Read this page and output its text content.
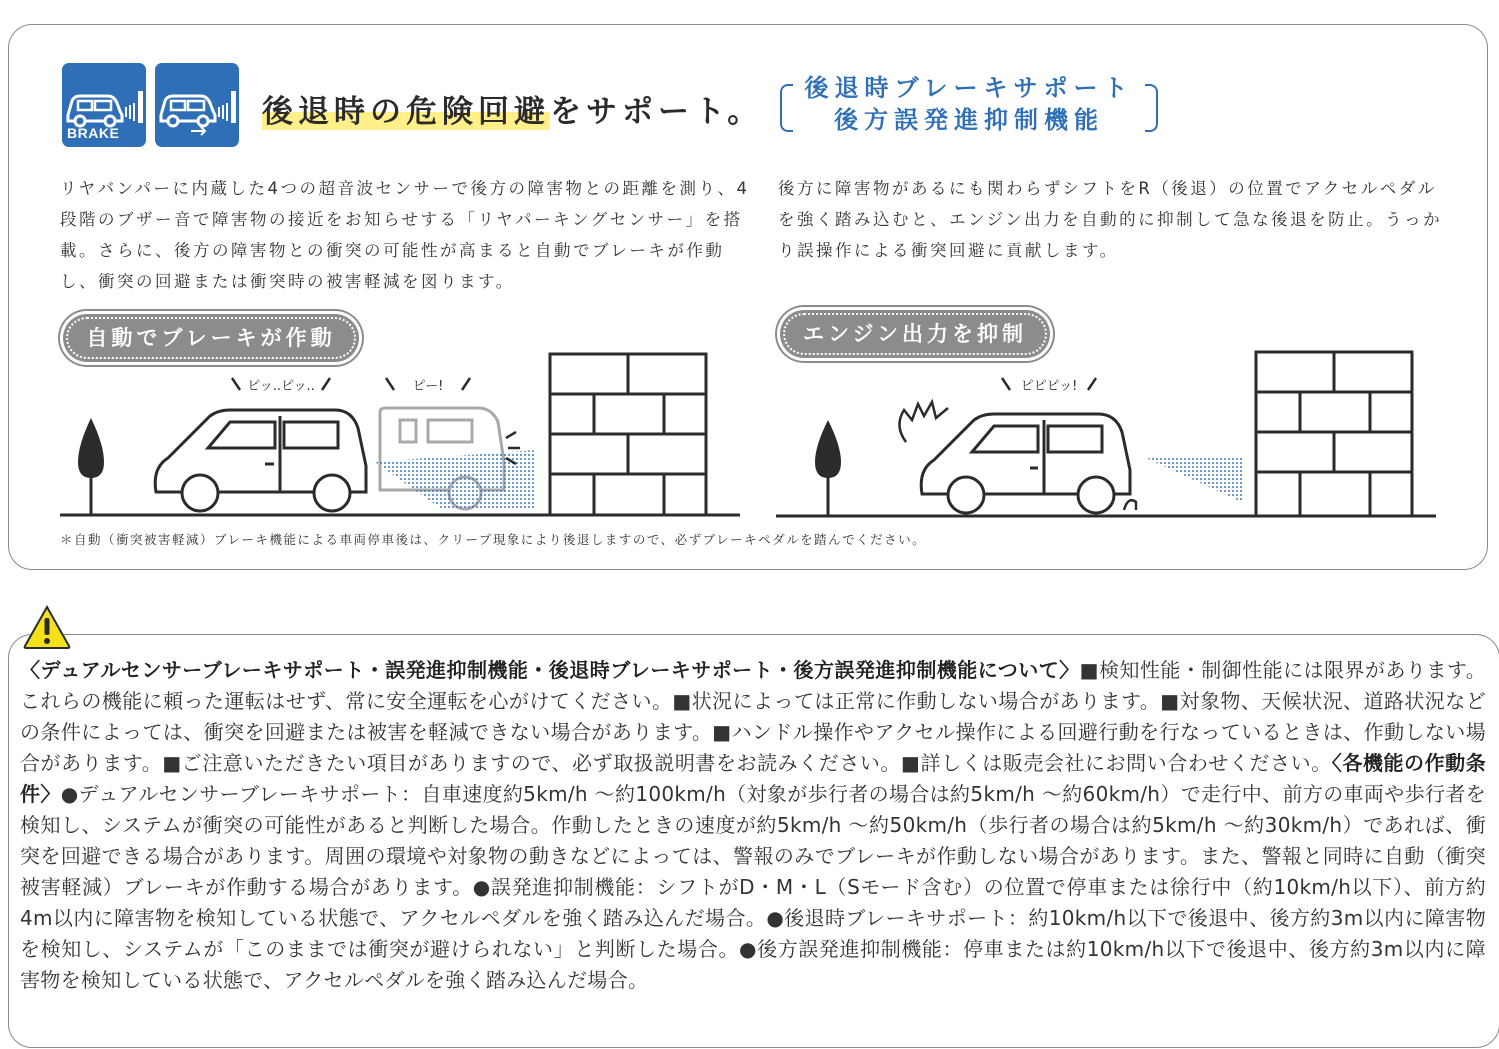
BRAKE
後退時の危険回避をサポート。
後退時ブレーキサポート
後方誤発進抑制機能
リヤバンパーに内蔵した4つの超音波センサーで後方の障害物との距離を測り、4段階のブザー音で障害物の接近をお知らせする「リヤパーキングセンサー」を搭載。さらに、後方の障害物との衝突の可能性が高まると自動でブレーキが作動し、衝突の回避または衝突時の被害軽減を図ります。
後方に障害物があるにも関わらずシフトをR（後退）の位置でアクセルペダルを強く踏み込むと、エンジン出力を自動的に抑制して急な後退を防止。うっかり誤操作による衝突回避に貢献します。
自動でブレーキが作動	エンジン出力を抑制
ピッ..ピッ..	ピー!	ピピピッ!
＊自動（衝突被害軽減）ブレーキ機能による車両停車後は、クリープ現象により後退しますので、必ずブレーキペダルを踏んでください。
〈デュアルセンサーブレーキサポート・誤発進抑制機能・後退時ブレーキサポート・後方誤発進抑制機能について〉■検知性能・制御性能には限界があります。これらの機能に頼った運転はせず、常に安全運転を心がけてください。■状況によっては正常に作動しない場合があります。■対象物、天候状況、道路状況などの条件によっては、衝突を回避または被害を軽減できない場合があります。■ハンドル操作やアクセル操作による回避行動を行なっているときは、作動しない場合があります。■ご注意いただきたい項目がありますので、必ず取扱説明書をお読みください。■詳しくは販売会社にお問い合わせください。〈各機能の作動条件〉●デュアルセンサーブレーキサポート：自車速度約5km/h ～約100km/h（対象が歩行者の場合は約5km/h ～約60km/h）で走行中、前方の車両や歩行者を検知し、システムが衝突の可能性があると判断した場合。作動したときの速度が約5km/h ～約50km/h（歩行者の場合は約5km/h ～約30km/h）であれば、衝突を回避できる場合があります。周囲の環境や対象物の動きなどによっては、警報のみでブレーキが作動しない場合があります。また、警報と同時に自動（衝突被害軽減）ブレーキが作動する場合があります。●誤発進抑制機能：シフトがD・M・L（Sモード含む）の位置で停車または徐行中（約10km/h以下）、前方約4m以内に障害物を検知している状態で、アクセルペダルを強く踏み込んだ場合。●後退時ブレーキサポート：約10km/h以下で後退中、後方約3m以内に障害物を検知し、システムが「このままでは衝突が避けられない」と判断した場合。●後方誤発進抑制機能：停車または約10km/h以下で後退中、後方約3m以内に障害物を検知している状態で、アクセルペダルを強く踏み込んだ場合。
